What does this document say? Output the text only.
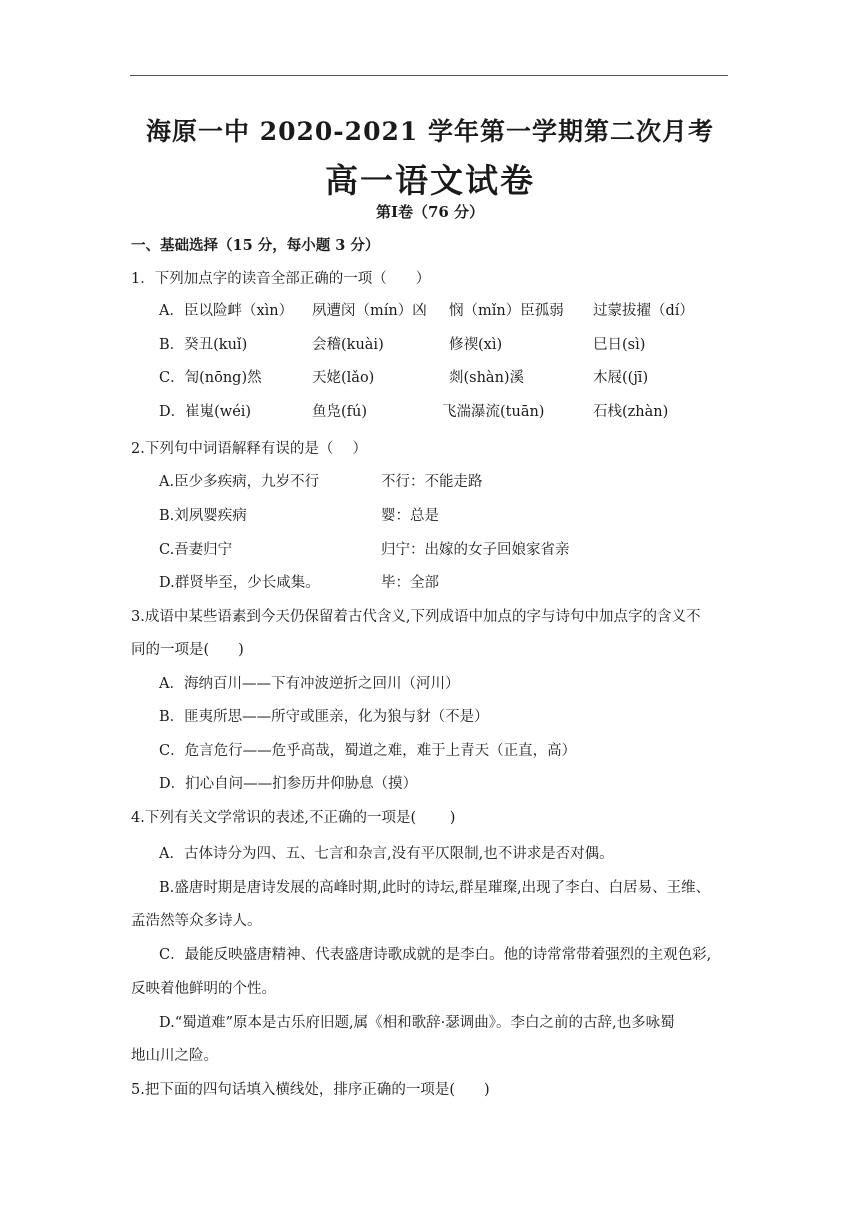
海原一中 2020-2021 学年第一学期第二次月考
高一语文试卷
第Ⅰ卷（76 分）
一、基础选择（15 分，每小题 3 分）
1．下列加点字的读音全部正确的一项（　　）
A．臣以险衅（xìn） 夙遭闵（mín）凶 悯（mǐn）臣孤弱 过蒙拔擢（dí）
B．癸丑(kuǐ)	会稽(kuài)	修禊(xì)	巳日(sì)
C．訇(nōng)然	天姥(lǎo)	剡(shàn)溪	木屐((jī)
D．崔嵬(wéi)	鱼凫(fú)	飞湍瀑流(tuān)	石栈(zhàn)
2.下列句中词语解释有误的是（　 ）
A.臣少多疾病，九岁不行	不行：不能走路
B.刘夙婴疾病	婴：总是
C.吾妻归宁	归宁：出嫁的女子回娘家省亲
D.群贤毕至，少长咸集。	毕：全部
3.成语中某些语素到今天仍保留着古代含义,下列成语中加点的字与诗句中加点字的含义不
同的一项是(　　)
A．海纳百川——下有冲波逆折之回川（河川）
B．匪夷所思——所守或匪亲，化为狼与豺（不是）
C．危言危行——危乎高哉，蜀道之难，难于上青天（正直，高）
D．扪心自问——扪参历井仰胁息（摸）
4.下列有关文学常识的表述,不正确的一项是(　　 )
A．古体诗分为四、五、七言和杂言,没有平仄限制,也不讲求是否对偶。
B.盛唐时期是唐诗发展的高峰时期,此时的诗坛,群星璀璨,出现了李白、白居易、王维、
孟浩然等众多诗人。
C．最能反映盛唐精神、代表盛唐诗歌成就的是李白。他的诗常常带着强烈的主观色彩,
反映着他鲜明的个性。
D.“蜀道难”原本是古乐府旧题,属《相和歌辞·瑟调曲》。李白之前的古辞,也多咏蜀
地山川之险。
5.把下面的四句话填入横线处，排序正确的一项是(　　)
